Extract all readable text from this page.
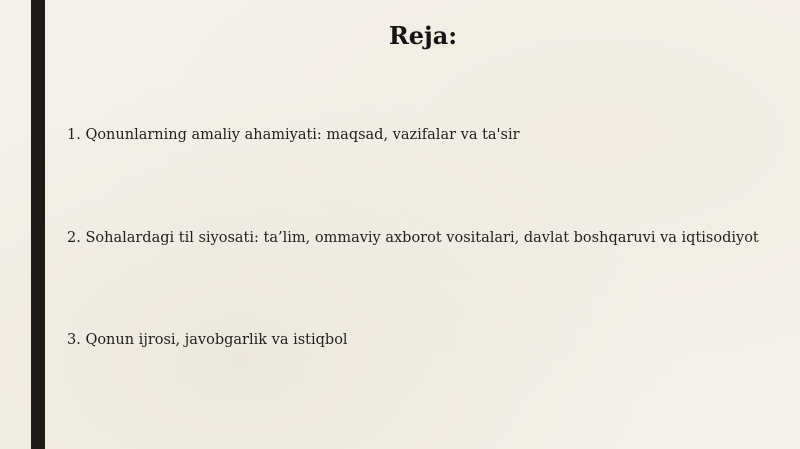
Reja:
1. Qonunlarning amaliy ahamiyati: maqsad, vazifalar va ta'sir
2. Sohalardagi til siyosati: ta’lim, ommaviy axborot vositalari, davlat boshqaruvi va iqtisodiyot
3. Qonun ijrosi, javobgarlik va istiqbol
